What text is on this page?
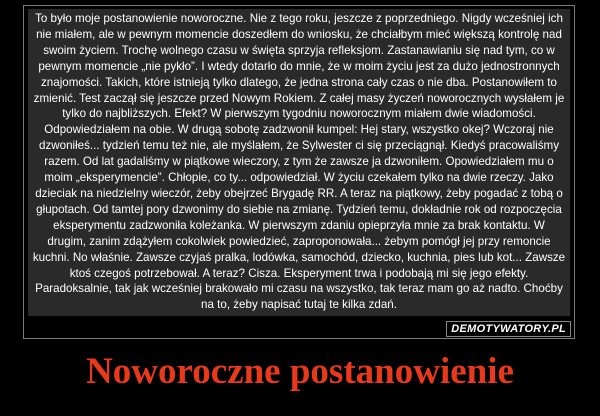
To było moje postanowienie noworoczne. Nie z tego roku, jeszcze z poprzedniego. Nigdy wcześniej ich
nie miałem, ale w pewnym momencie doszedłem do wniosku, że chciałbym mieć większą kontrolę nad
swoim życiem. Trochę wolnego czasu w święta sprzyja refleksjom. Zastanawianiu się nad tym, co w
pewnym momencie „nie pykło”. I wtedy dotarło do mnie, że w moim życiu jest za dużo jednostronnych
znajomości. Takich, które istnieją tylko dlatego, że jedna strona cały czas o nie dba. Postanowiłem to
zmienić. Test zaczął się jeszcze przed Nowym Rokiem. Z całej masy życzeń noworocznych wysłałem je
tylko do najbliższych. Efekt? W pierwszym tygodniu noworocznym miałem dwie wiadomości.
Odpowiedziałem na obie. W drugą sobotę zadzwonił kumpel: Hej stary, wszystko okej? Wczoraj nie
dzwoniłeś... tydzień temu też nie, ale myślałem, że Sylwester ci się przeciągnął. Kiedyś pracowaliśmy
razem. Od lat gadaliśmy w piątkowe wieczory, z tym że zawsze ja dzwoniłem. Opowiedziałem mu o
moim „eksperymencie”. Chłopie, co ty... odpowiedział. W życiu czekałem tylko na dwie rzeczy. Jako
dzieciak na niedzielny wieczór, żeby obejrzeć Brygadę RR. A teraz na piątkowy, żeby pogadać z tobą o
głupotach. Od tamtej pory dzwonimy do siebie na zmianę. Tydzień temu, dokładnie rok od rozpoczęcia
eksperymentu zadzwoniła koleżanka. W pierwszym zdaniu opieprzyła mnie za brak kontaktu. W
drugim, zanim zdążyłem cokolwiek powiedzieć, zaproponowała... żebym pomógł jej przy remoncie
kuchni. No właśnie. Zawsze czyjaś pralka, lodówka, samochód, dziecko, kuchnia, pies lub kot... Zawsze
ktoś czegoś potrzebował. A teraz? Cisza. Eksperyment trwa i podobają mi się jego efekty.
Paradoksalnie, tak jak wcześniej brakowało mi czasu na wszystko, tak teraz mam go aż nadto. Choćby
na to, żeby napisać tutaj te kilka zdań.

DEMOTYWATORY.PL
Noworoczne postanowienie
